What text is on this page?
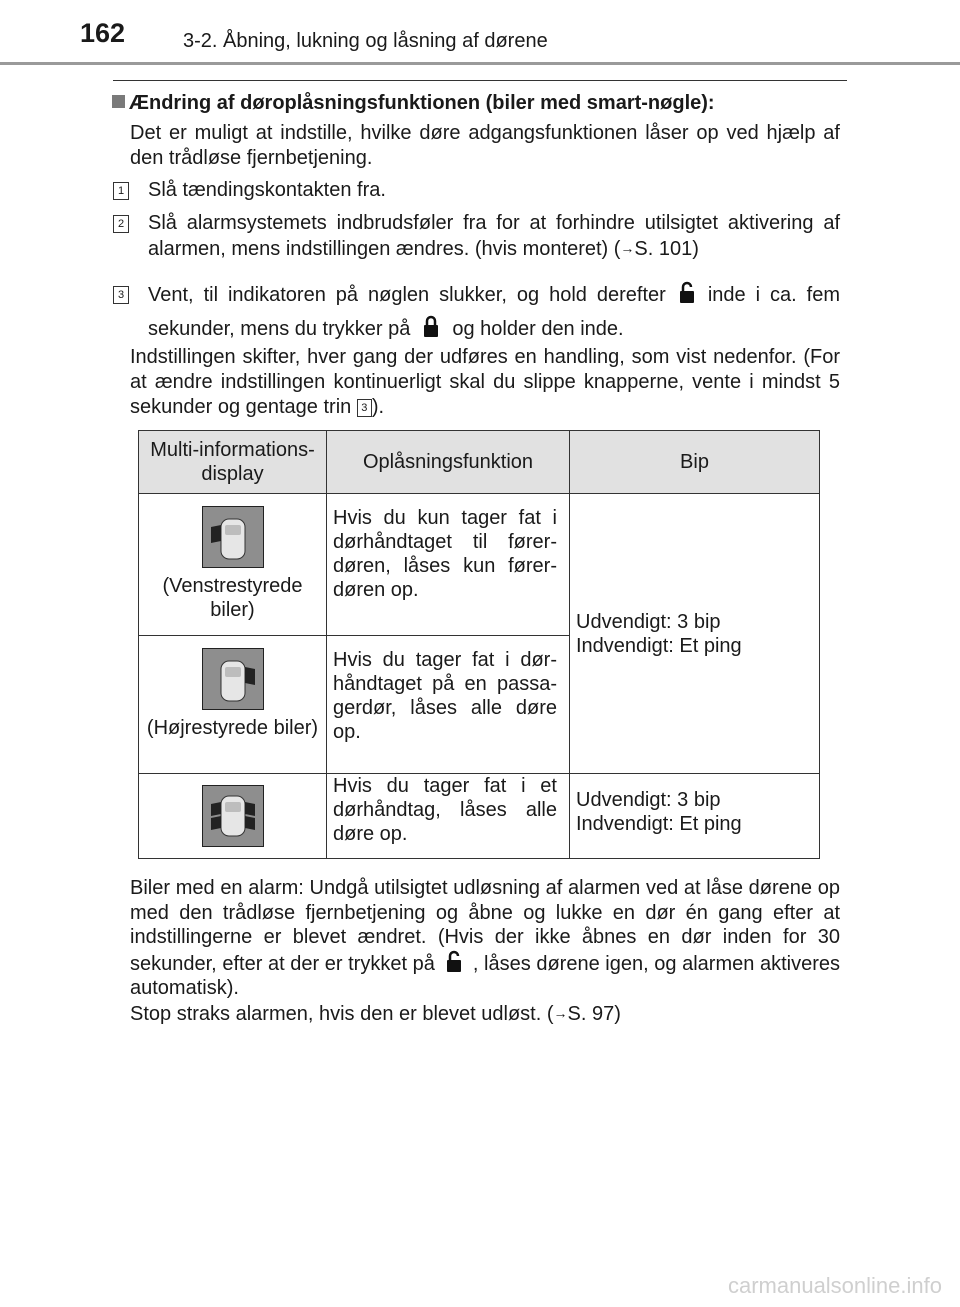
162	3-2. Åbning, lukning og låsning af dørene
Ændring af døroplåsningsfunktionen (biler med smart-nøgle):
Det er muligt at indstille, hvilke døre adgangsfunktionen låser op ved hjælp af den trådløse fjernbetjening.
1 Slå tændingskontakten fra.
2 Slå alarmsystemets indbrudsføler fra for at forhindre utilsigtet aktivering af alarmen, mens indstillingen ændres. (hvis monteret) (→S. 101)
3 Vent, til indikatoren på nøglen slukker, og hold derefter inde i ca. fem sekunder, mens du trykker på og holder den inde.
Indstillingen skifter, hver gang der udføres en handling, som vist nedenfor. (For at ændre indstillingen kontinuerligt skal du slippe knapperne, vente i mindst 5 sekunder og gentage trin 3 ).
Multi-informations-display	Oplåsningsfunktion	Bip

(Venstrestyrede biler)	Hvis du kun tager fat i dørhåndtaget til fører-døren, låses kun fører-døren op.	Udvendigt: 3 bip
Indvendigt: Et ping

(Højrestyrede biler)	Hvis du tager fat i dør-håndtaget på en passa-gerdør, låses alle døre op.	

Hvis du tager fat i et dørhåndtag, låses alle døre op.	Udvendigt: 3 bip
Indvendigt: Et ping
Biler med en alarm: Undgå utilsigtet udløsning af alarmen ved at låse dørene op med den trådløse fjernbetjening og åbne og lukke en dør én gang efter at indstillingerne er blevet ændret. (Hvis der ikke åbnes en dør inden for 30 sekunder, efter at der er trykket på , låses dørene igen, og alarmen aktiveres automatisk).
Stop straks alarmen, hvis den er blevet udløst. (→S. 97)
carmanualsonline.info
